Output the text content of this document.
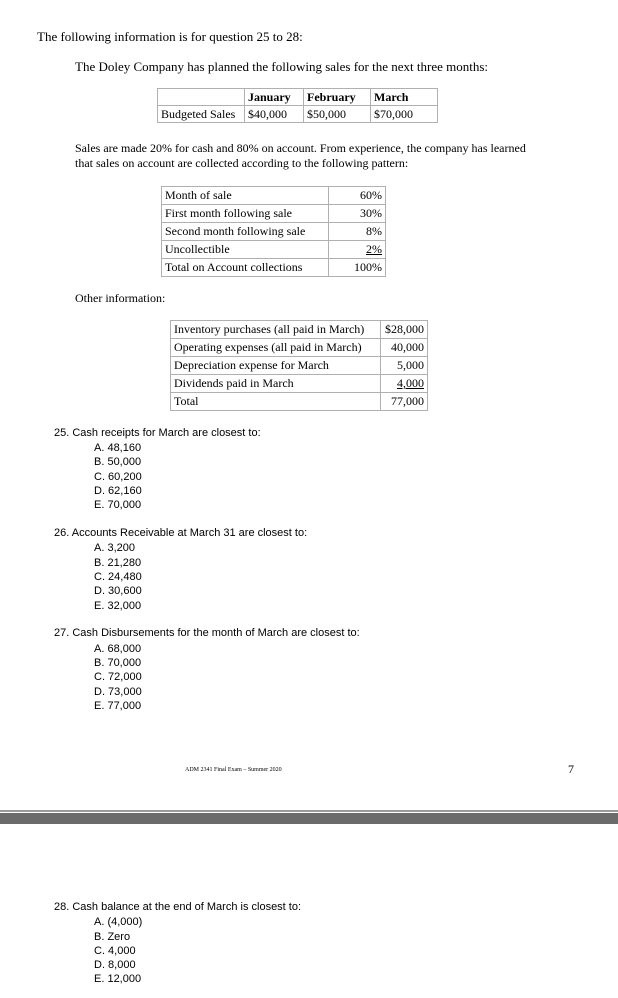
The following information is for question 25 to 28:
The Doley Company has planned the following sales for the next three months:
	January	February	March
Budgeted Sales	$40,000	$50,000	$70,000
Sales are made 20% for cash and 80% on account. From experience, the company has learned
that sales on account are collected according to the following pattern:
Month of sale	60%
First month following sale	30%
Second month following sale	8%
Uncollectible	2%
Total on Account collections	100%
Other information:
Inventory purchases (all paid in March)	$28,000
Operating expenses (all paid in March)	40,000
Depreciation expense for March	5,000
Dividends paid in March	4,000
Total	77,000
25. Cash receipts for March are closest to:
A. 48,160
B. 50,000
C. 60,200
D. 62,160
E. 70,000
26. Accounts Receivable at March 31 are closest to:
A. 3,200
B. 21,280
C. 24,480
D. 30,600
E. 32,000
27. Cash Disbursements for the month of March are closest to:
A. 68,000
B. 70,000
C. 72,000
D. 73,000
E. 77,000
ADM 2341 Final Exam – Summer 2020	7
28. Cash balance at the end of March is closest to:
A. (4,000)
B. Zero
C. 4,000
D. 8,000
E. 12,000
